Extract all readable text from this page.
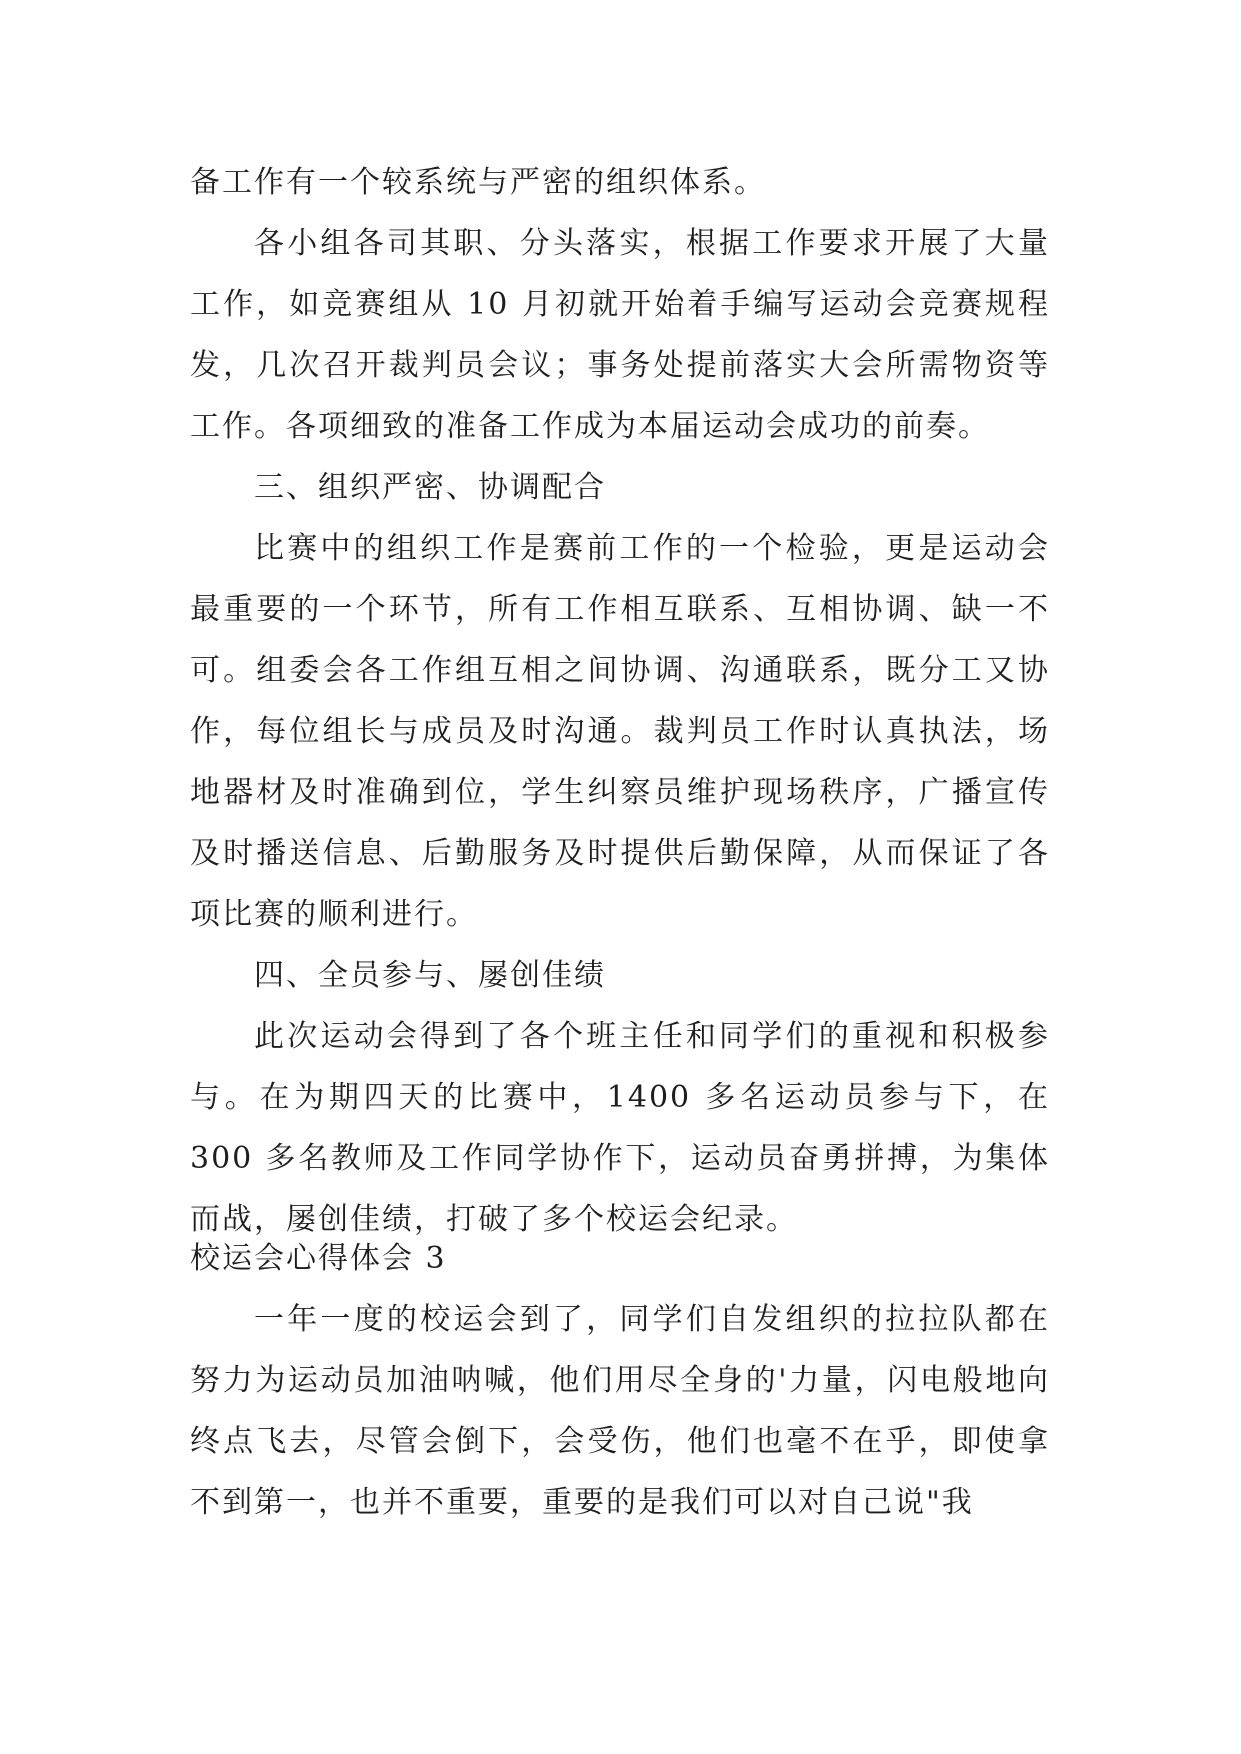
备工作有一个较系统与严密的组织体系。

各小组各司其职、分头落实，根据工作要求开展了大量工作，如竞赛组从 10 月初就开始着手编写运动会竞赛规程发，几次召开裁判员会议；事务处提前落实大会所需物资等工作。各项细致的准备工作成为本届运动会成功的前奏。

三、组织严密、协调配合

比赛中的组织工作是赛前工作的一个检验，更是运动会最重要的一个环节，所有工作相互联系、互相协调、缺一不可。组委会各工作组互相之间协调、沟通联系，既分工又协作，每位组长与成员及时沟通。裁判员工作时认真执法，场地器材及时准确到位，学生纠察员维护现场秩序，广播宣传及时播送信息、后勤服务及时提供后勤保障，从而保证了各项比赛的顺利进行。

四、全员参与、屡创佳绩

此次运动会得到了各个班主任和同学们的重视和积极参与。在为期四天的比赛中，1400 多名运动员参与下，在 300 多名教师及工作同学协作下，运动员奋勇拼搏，为集体而战，屡创佳绩，打破了多个校运会纪录。

校运会心得体会 3

一年一度的校运会到了，同学们自发组织的拉拉队都在努力为运动员加油呐喊，他们用尽全身的'力量，闪电般地向终点飞去，尽管会倒下，会受伤，他们也毫不在乎，即使拿不到第一，也并不重要，重要的是我们可以对自己说"我
